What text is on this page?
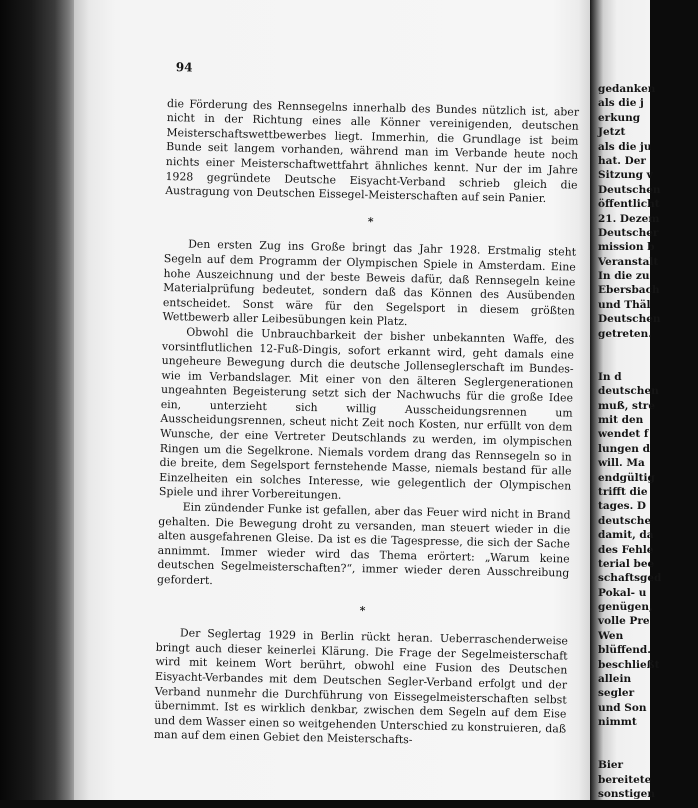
94

die Förderung des Rennsegelns innerhalb des Bundes nützlich ist, aber nicht in der Richtung eines alle Könner vereinigenden, deutschen Meisterschaftswettbewerbes liegt. Immerhin, die Grundlage ist beim Bunde seit langem vorhanden, während man im Verbande heute noch nichts einer Meisterschaftwettfahrt ähnliches kennt. Nur der im Jahre 1928 gegründete Deutsche Eisyacht-Verband schrieb gleich die Austragung von Deutschen Eissegel-Meisterschaften auf sein Panier.

*

Den ersten Zug ins Große bringt das Jahr 1928. Erstmalig steht Segeln auf dem Programm der Olympischen Spiele in Amsterdam. Eine hohe Auszeichnung und der beste Beweis dafür, daß Rennsegeln keine Materialprüfung bedeutet, sondern daß das Können des Ausübenden entscheidet. Sonst wäre für den Segelsport in diesem größten Wettbewerb aller Leibesübungen kein Platz.

Obwohl die Unbrauchbarkeit der bisher unbekannten Waffe, des vorsintflutlichen 12-Fuß-Dingis, sofort erkannt wird, geht damals eine ungeheure Bewegung durch die deutsche Jollenseglerschaft im Bundes- wie im Verbandslager. Mit einer von den älteren Seglergenerationen ungeahnten Begeisterung setzt sich der Nachwuchs für die große Idee ein, unterzieht sich willig Ausscheidungsrennen um Ausscheidungsrennen, scheut nicht Zeit noch Kosten, nur erfüllt von dem Wunsche, der eine Vertreter Deutschlands zu werden, im olympischen Ringen um die Segelkrone. Niemals vordem drang das Rennsegeln so in die breite, dem Segelsport fernstehende Masse, niemals bestand für alle Einzelheiten ein solches Interesse, wie gelegentlich der Olympischen Spiele und ihrer Vorbereitungen.

Ein zündender Funke ist gefallen, aber das Feuer wird nicht in Brand gehalten. Die Bewegung droht zu versanden, man steuert wieder in die alten ausgefahrenen Gleise. Da ist es die Tagespresse, die sich der Sache annimmt. Immer wieder wird das Thema erörtert: „Warum keine deutschen Segelmeisterschaften?“, immer wieder deren Ausschreibung gefordert.

*

Der Seglertag 1929 in Berlin rückt heran. Ueberraschenderweise bringt auch dieser keinerlei Klärung. Die Frage der Segelmeisterschaft wird mit keinem Wort berührt, obwohl eine Fusion des Deutschen Eisyacht-Verbandes mit dem Deutschen Segler-Verband erfolgt und der Verband nunmehr die Durchführung von Eissegelmeisterschaften selbst übernimmt. Ist es wirklich denkbar, zwischen dem Segeln auf dem Eise und dem Wasser einen so weitgehenden Unterschied zu konstruieren, daß man auf dem einen Gebiet den Meisterschafts-

gedanken
als die j
erkung
Jetzt
als die ju
hat. Der
Sitzung v
Deutschen
öffentlicht
21. Dezem
Deutscher
mission b
Veranstalt
In die zu
Ebersbach
und Thäl
Deutschen
getreten.
In d
deutschen
muß, stre
mit den
wendet f
lungen d
will. Ma
endgültig
trifft die
tages. D
deutsche
damit, da
des Fehle
terial bee
schaftsged
Pokal- u
genügen,
volle Pre
Wen
blüffend.
beschließt
allein
segler
und Son
nimmt
Bier
bereitete
sonstigen
